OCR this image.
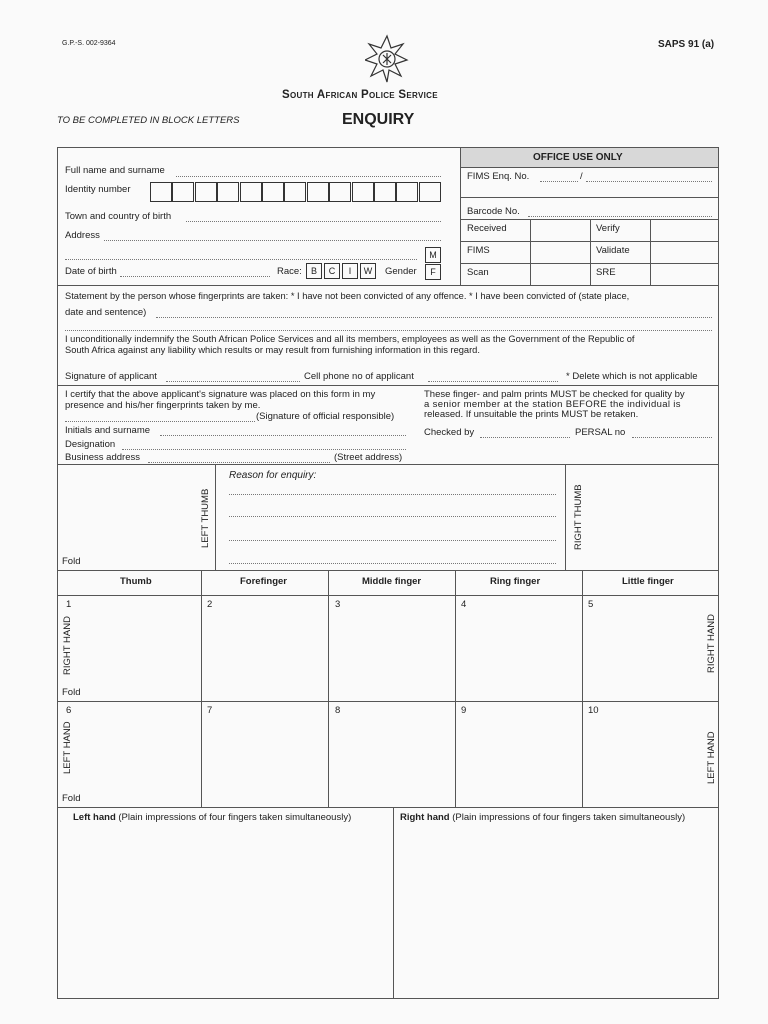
G.P.-S. 002-9364	SAPS 91 (a)
South African Police Service
TO BE COMPLETED IN BLOCK LETTERS	ENQUIRY
Full name and surname
Identity number
Town and country of birth
Address
Date of birth	Race:	B	C	I	W	Gender
M
F
OFFICE USE ONLY
FIMS Enq. No.	/
Barcode No.
Received	Verify
FIMS	Validate
Scan	SRE
Statement by the person whose fingerprints are taken: * I have not been convicted of any offence. * I have been convicted of (state place,
date and sentence)
I unconditionally indemnify the South African Police Services and all its members, employees as well as the Government of the Republic of
South Africa against any liability which results or may result from furnishing information in this regard.
Signature of applicant	Cell phone no of applicant	* Delete which is not applicable
I certify that the above applicant's signature was placed on this form in my
presence and his/her fingerprints taken by me.
(Signature of official responsible)
Initials and surname
Designation
Business address	(Street address)
These finger- and palm prints MUST be checked for quality by
a senior member at the station BEFORE the individual is
released. If unsuitable the prints MUST be retaken.
Checked by	PERSAL no
LEFT THUMB	RIGHT THUMB
Reason for enquiry:
Fold
Thumb	Forefinger	Middle finger	Ring finger	Little finger
1	2	3	4	5
RIGHT HAND	RIGHT HAND
Fold
6	7	8	9	10
LEFT HAND	LEFT HAND
Fold
Left hand (Plain impressions of four fingers taken simultaneously)	Right hand (Plain impressions of four fingers taken simultaneously)
